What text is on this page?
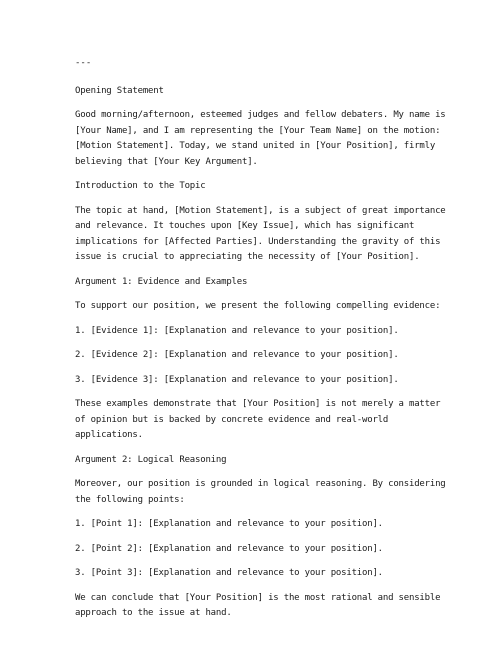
---

Opening Statement

Good morning/afternoon, esteemed judges and fellow debaters. My name is

[Your Name], and I am representing the [Your Team Name] on the motion:

[Motion Statement]. Today, we stand united in [Your Position], firmly

believing that [Your Key Argument].

Introduction to the Topic

The topic at hand, [Motion Statement], is a subject of great importance

and relevance. It touches upon [Key Issue], which has significant

implications for [Affected Parties]. Understanding the gravity of this

issue is crucial to appreciating the necessity of [Your Position].

Argument 1: Evidence and Examples

To support our position, we present the following compelling evidence:

1. [Evidence 1]: [Explanation and relevance to your position].

2. [Evidence 2]: [Explanation and relevance to your position].

3. [Evidence 3]: [Explanation and relevance to your position].

These examples demonstrate that [Your Position] is not merely a matter

of opinion but is backed by concrete evidence and real-world

applications.

Argument 2: Logical Reasoning

Moreover, our position is grounded in logical reasoning. By considering

the following points:

1. [Point 1]: [Explanation and relevance to your position].

2. [Point 2]: [Explanation and relevance to your position].

3. [Point 3]: [Explanation and relevance to your position].

We can conclude that [Your Position] is the most rational and sensible

approach to the issue at hand.
